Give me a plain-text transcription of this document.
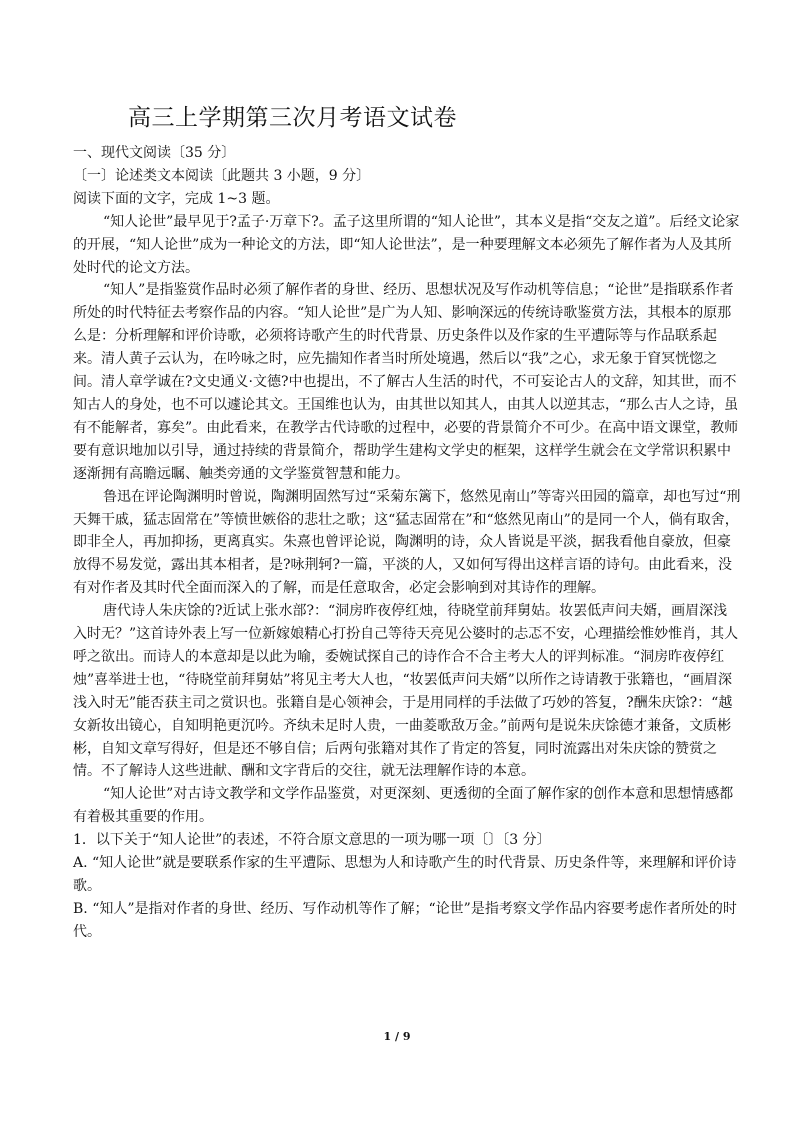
高三上学期第三次月考语文试卷

一、现代文阅读〔35 分〕

〔一〕论述类文本阅读〔此题共 3 小题，9 分〕

阅读下面的文字，完成 1~3 题。

“知人论世”最早见于?孟子·万章下?。孟子这里所谓的“知人论世”，其本义是指“交友之道”。后经文论家的开展，“知人论世”成为一种论文的方法，即“知人论世法”，是一种要理解文本必须先了解作者为人及其所处时代的论文方法。

“知人”是指鉴赏作品时必须了解作者的身世、经历、思想状况及写作动机等信息；“论世”是指联系作者所处的时代特征去考察作品的内容。“知人论世”是广为人知、影响深远的传统诗歌鉴赏方法，其根本的原那么是：分析理解和评价诗歌，必须将诗歌产生的时代背景、历史条件以及作家的生平遭际等与作品联系起来。清人黄子云认为，在吟咏之时，应先揣知作者当时所处境遇，然后以“我”之心，求无象于窅冥恍惚之间。清人章学诚在?文史通义·文德?中也提出，不了解古人生活的时代，不可妄论古人的文辞，知其世，而不知古人的身处，也不可以遽论其文。王国维也认为，由其世以知其人，由其人以逆其志，“那么古人之诗，虽有不能解者，寡矣”。由此看来，在教学古代诗歌的过程中，必要的背景简介不可少。在高中语文课堂，教师要有意识地加以引导，通过持续的背景简介，帮助学生建构文学史的框架，这样学生就会在文学常识积累中逐渐拥有高瞻远瞩、触类旁通的文学鉴赏智慧和能力。

鲁迅在评论陶渊明时曾说，陶渊明固然写过“采菊东篱下，悠然见南山”等寄兴田园的篇章，却也写过“刑天舞干戚，猛志固常在”等愤世嫉俗的悲壮之歌；这“猛志固常在”和“悠然见南山”的是同一个人，倘有取舍，即非全人，再加抑扬，更离真实。朱熹也曾评论说，陶渊明的诗，众人皆说是平淡，据我看他自豪放，但豪放得不易发觉，露出其本相者，是?咏荆轲?一篇，平淡的人，又如何写得出这样言语的诗句。由此看来，没有对作者及其时代全面而深入的了解，而是任意取舍，必定会影响到对其诗作的理解。

唐代诗人朱庆馀的?近试上张水部?：“洞房昨夜停红烛，待晓堂前拜舅姑。妆罢低声问夫婿，画眉深浅入时无？”这首诗外表上写一位新嫁娘精心打扮自己等待天亮见公婆时的忐忑不安，心理描绘惟妙惟肖，其人呼之欲出。而诗人的本意却是以此为喻，委婉试探自己的诗作合不合主考大人的评判标准。“洞房昨夜停红烛”喜举进士也，“待晓堂前拜舅姑”将见主考大人也，“妆罢低声问夫婿”以所作之诗请教于张籍也，“画眉深浅入时无”能否获主司之赏识也。张籍自是心领神会，于是用同样的手法做了巧妙的答复，?酬朱庆馀?：“越女新妆出镜心，自知明艳更沉吟。齐纨未足时人贵，一曲菱歌敌万金。”前两句是说朱庆馀德才兼备，文质彬彬，自知文章写得好，但是还不够自信；后两句张籍对其作了肯定的答复，同时流露出对朱庆馀的赞赏之情。不了解诗人这些进献、酬和文字背后的交往，就无法理解作诗的本意。

“知人论世”对古诗文教学和文学作品鉴赏，对更深刻、更透彻的全面了解作家的创作本意和思想情感都有着极其重要的作用。

1．以下关于“知人论世”的表述，不符合原文意思的一项为哪一项〔〕〔3 分〕

A. “知人论世”就是要联系作家的生平遭际、思想为人和诗歌产生的时代背景、历史条件等，来理解和评价诗歌。

B. “知人”是指对作者的身世、经历、写作动机等作了解；“论世”是指考察文学作品内容要考虑作者所处的时代。

1 / 9
